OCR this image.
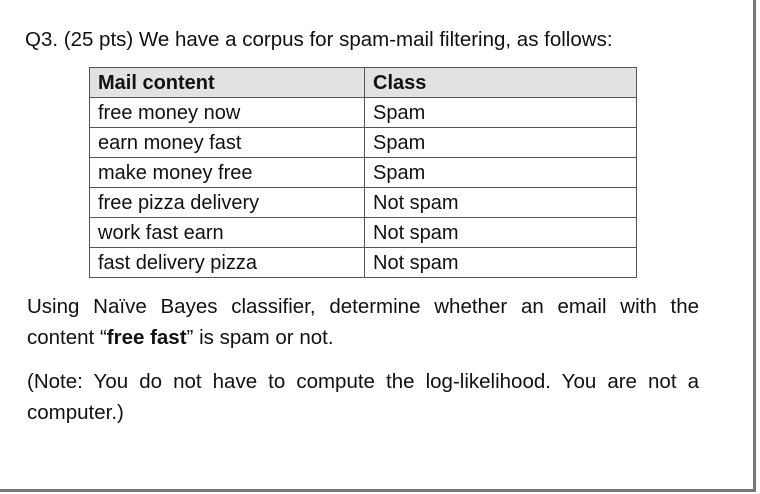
Q3. (25 pts) We have a corpus for spam-mail filtering, as follows:
Mail content	Class
free money now	Spam
earn money fast	Spam
make money free	Spam
free pizza delivery	Not spam
work fast earn	Not spam
fast delivery pizza	Not spam
Using Naïve Bayes classifier, determine whether an email with the content “free fast” is spam or not.
(Note: You do not have to compute the log-likelihood. You are not a computer.)
